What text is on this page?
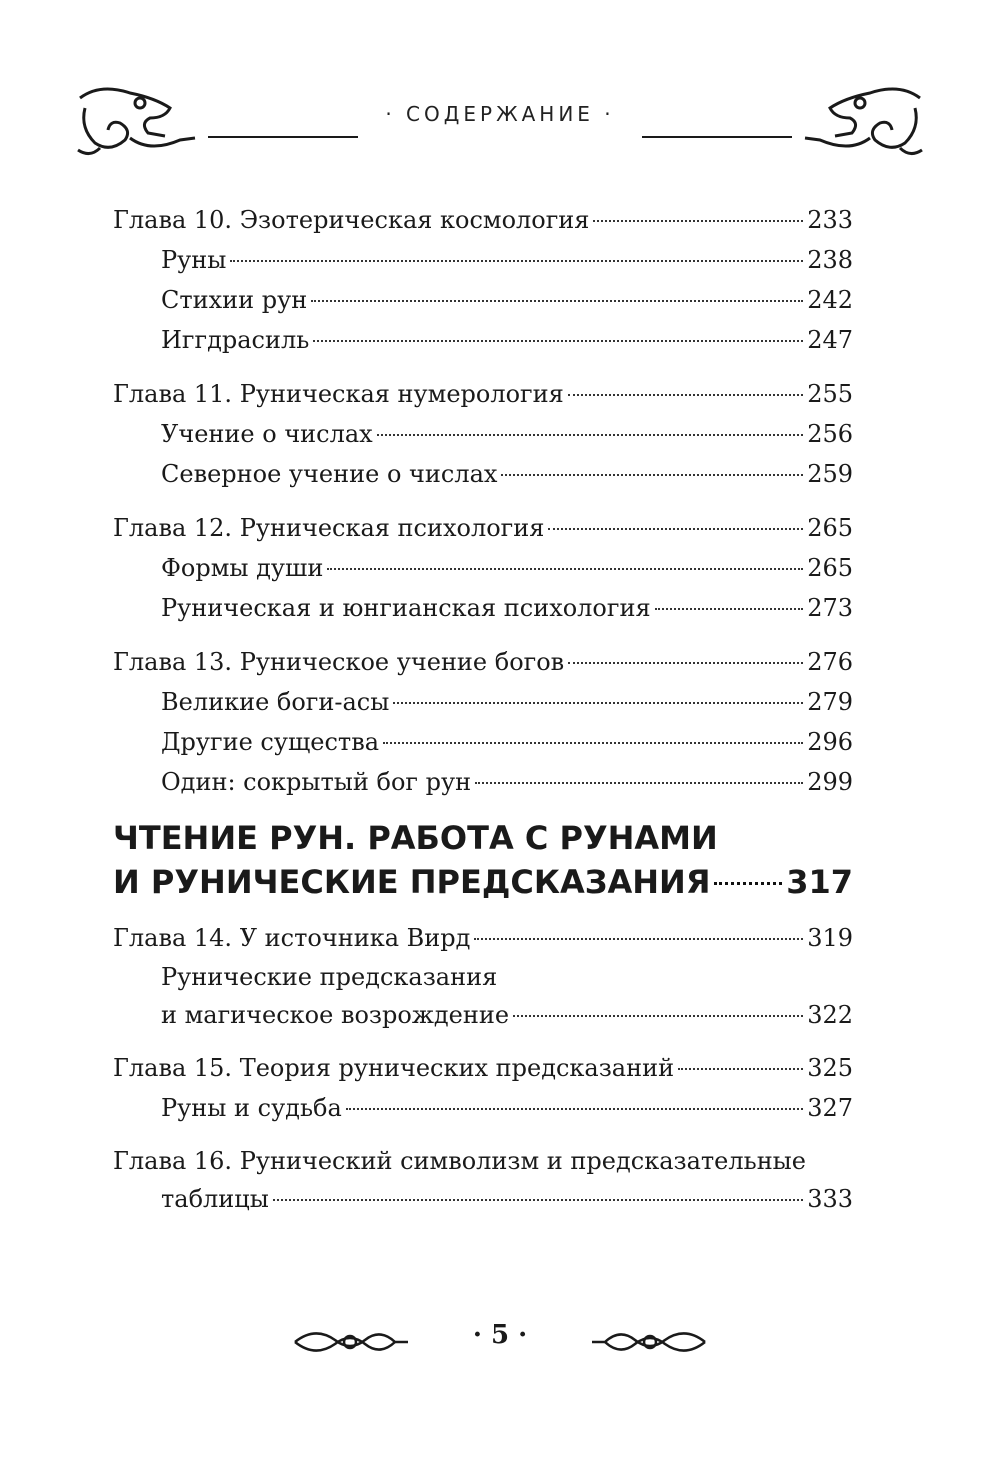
· СОДЕРЖАНИЕ ·
Глава 10. Эзотерическая космология	233
Руны	238
Стихии рун	242
Иггдрасиль	247
Глава 11. Руническая нумерология	255
Учение о числах	256
Северное учение о числах	259
Глава 12. Руническая психология	265
Формы души	265
Руническая и юнгианская психология	273
Глава 13. Руническое учение богов	276
Великие боги-асы	279
Другие существа	296
Один: сокрытый бог рун	299
ЧТЕНИЕ РУН. РАБОТА С РУНАМИ
И РУНИЧЕСКИЕ ПРЕДСКАЗАНИЯ 317
Глава 14. У источника Вирд	319
Рунические предсказания
и магическое возрождение	322
Глава 15. Теория рунических предсказаний	325
Руны и судьба	327
Глава 16. Рунический символизм и предсказательные
таблицы	333
· 5 ·
